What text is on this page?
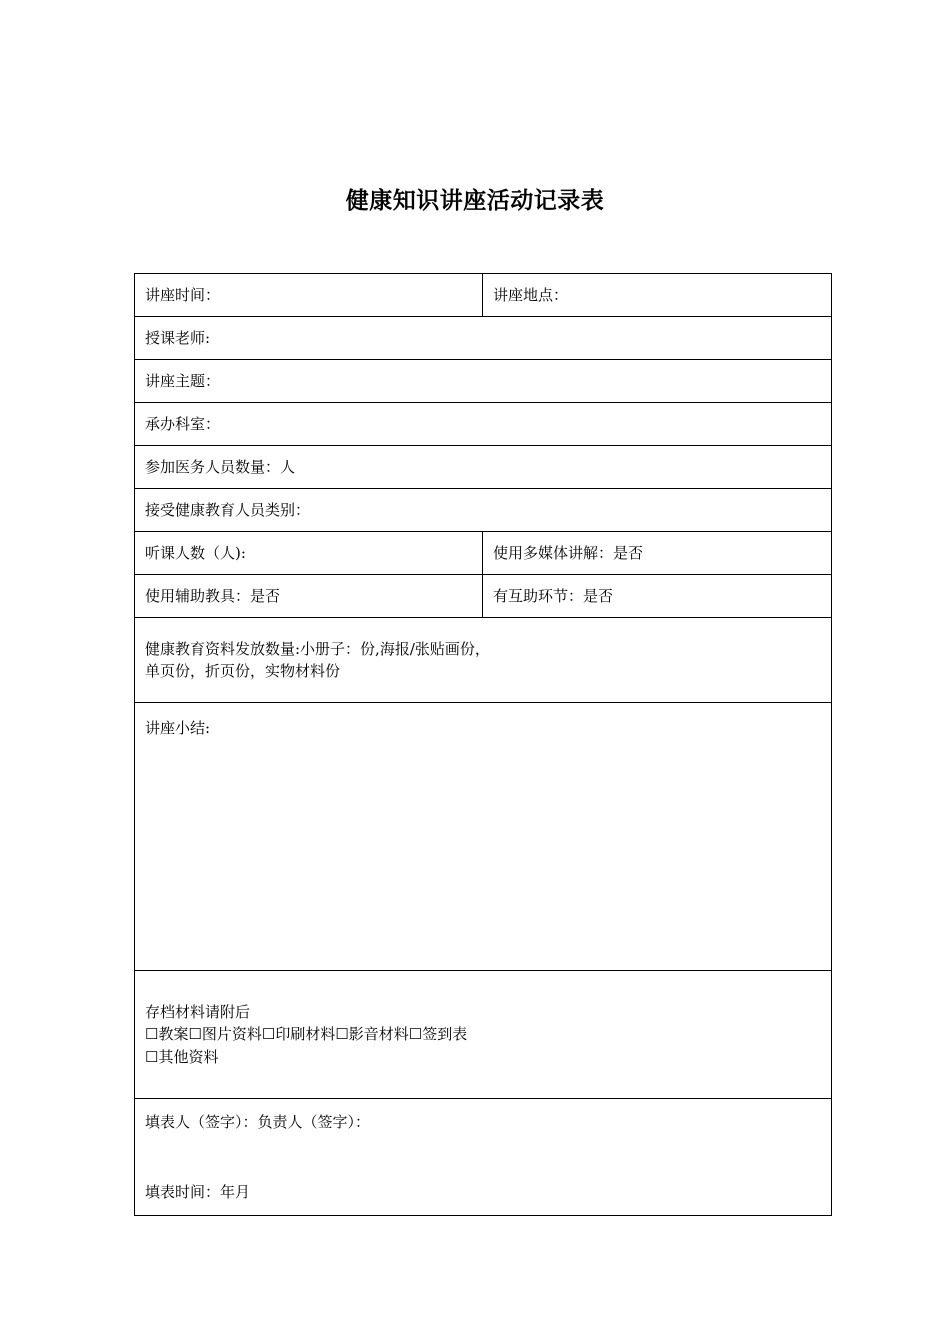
健康知识讲座活动记录表
讲座时间：	讲座地点：
授课老师:	
讲座主题：	
承办科室：	
参加医务人员数量：人	
接受健康教育人员类别：	
听课人数（人):	使用多媒体讲解：是否
使用辅助教具：是否	有互助环节：是否

健康教育资料发放数量:小册子：份,海报/张贴画份，
单页份，折页份，实物材料份	

讲座小结:	

存档材料请附后
☐教案☐图片资料☐印刷材料☐影音材料☐签到表
☐其他资料	

填表人（签字）：负责人（签字）：
填表时间：年月	
